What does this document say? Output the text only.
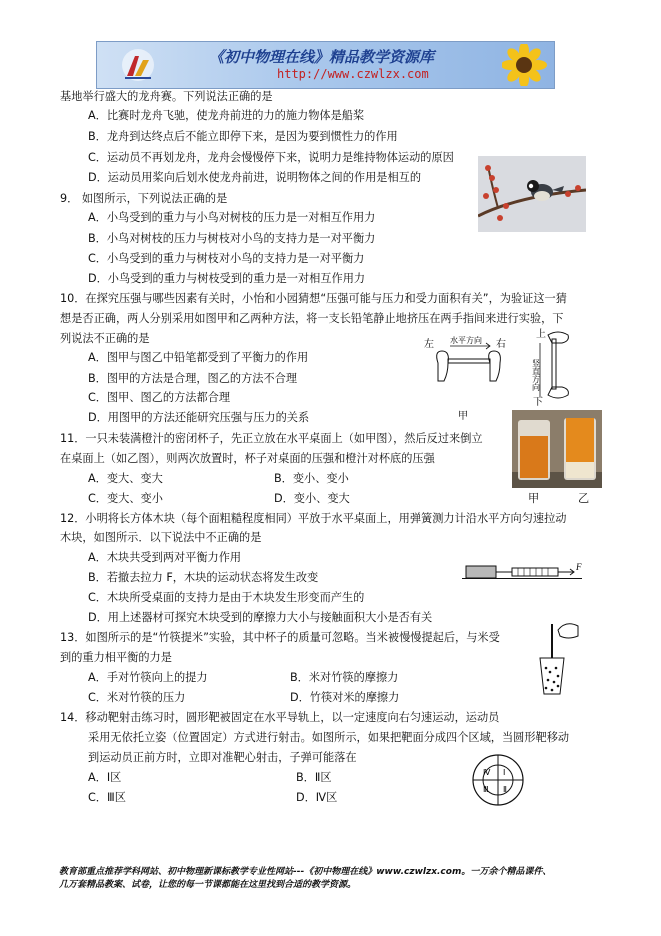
《初中物理在线》精品教学资源库
http://www.czwlzx.com
基地举行盛大的龙舟赛。下列说法正确的是
A．比赛时龙舟飞驰，使龙舟前进的力的施力物体是船桨
B．龙舟到达终点后不能立即停下来，是因为要到惯性力的作用
C．运动员不再划龙舟，龙舟会慢慢停下来，说明力是维持物体运动的原因
D．运动员用桨向后划水使龙舟前进，说明物体之间的作用是相互的
9． 如图所示，下列说法正确的是
A．小鸟受到的重力与小鸟对树枝的压力是一对相互作用力
B．小鸟对树枝的压力与树枝对小鸟的支持力是一对平衡力
C．小鸟受到的重力与树枝对小鸟的支持力是一对平衡力
D．小鸟受到的重力与树枝受到的重力是一对相互作用力
10．在探究压强与哪些因素有关时，小怡和小园猜想“压强可能与压力和受力面积有关”，为验证这一猜
想是否正确，两人分别采用如图甲和乙两种方法，将一支长铅笔静止地挤压在两手指间来进行实验，下
列说法不正确的是
A．图甲与图乙中铅笔都受到了平衡力的作用
B．图甲的方法是合理，图乙的方法不合理
C．图甲、图乙的方法都合理
D．用图甲的方法还能研究压强与压力的关系
11．一只未装满橙汁的密闭杯子，先正立放在水平桌面上（如甲图），然后反过来倒立
在桌面上（如乙图），则两次放置时，杯子对桌面的压强和橙汁对杯底的压强
A．变大、变大	B．变小、变小
C．变大、变小	D．变小、变大
12．小明将长方体木块（每个面粗糙程度相同）平放于水平桌面上，用弹簧测力计沿水平方向匀速拉动
木块，如图所示．以下说法中不正确的是
A．木块共受到两对平衡力作用
B．若撤去拉力 F，木块的运动状态将发生改变
C．木块所受桌面的支持力是由于木块发生形变而产生的
D．用上述器材可探究木块受到的摩擦力大小与接触面积大小是否有关
13．如图所示的是“竹筷提米”实验，其中杯子的质量可忽略。当米被慢慢提起后，与米受
到的重力相平衡的力是
A．手对竹筷向上的提力	B．米对竹筷的摩擦力
C．米对竹筷的压力	D．竹筷对米的摩擦力
14．移动靶射击练习时，圆形靶被固定在水平导轨上，以一定速度向右匀速运动，运动员
采用无依托立姿（位置固定）方式进行射击。如图所示，如果把靶面分成四个区域，当圆形靶移动
到运动员正前方时，立即对准靶心射击，子弹可能落在
A．Ⅰ区	B．Ⅱ区
C．Ⅲ区	D．Ⅳ区
左 水平方向 右
上
竖直方向
下
甲
甲	乙
F
Ⅳ Ⅰ
Ⅲ Ⅱ
教育部重点推荐学科网站、初中物理新课标教学专业性网站---《初中物理在线》www.czwlzx.com。一万余个精品课件、
几万套精品教案、试卷，让您的每一节课都能在这里找到合适的教学资源。
